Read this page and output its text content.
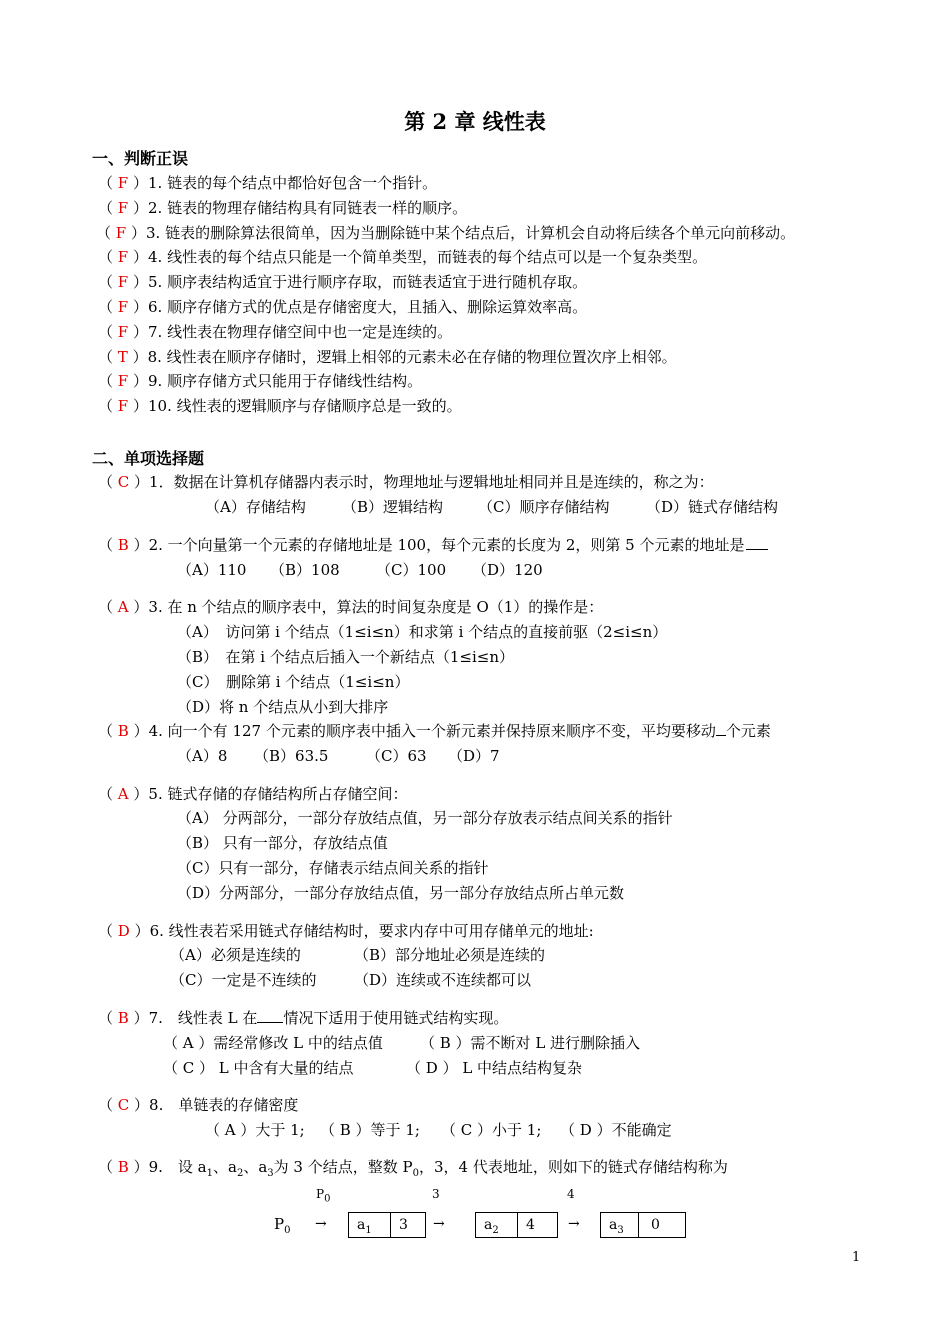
第 2 章 线性表
一、判断正误
（ F ）1. 链表的每个结点中都恰好包含一个指针。
（ F ）2. 链表的物理存储结构具有同链表一样的顺序。
（ F ）3. 链表的删除算法很简单，因为当删除链中某个结点后，计算机会自动将后续各个单元向前移动。
（ F ）4. 线性表的每个结点只能是一个简单类型，而链表的每个结点可以是一个复杂类型。
（ F ）5. 顺序表结构适宜于进行顺序存取，而链表适宜于进行随机存取。
（ F ）6. 顺序存储方式的优点是存储密度大，且插入、删除运算效率高。
（ F ）7. 线性表在物理存储空间中也一定是连续的。
（ T ）8. 线性表在顺序存储时，逻辑上相邻的元素未必在存储的物理位置次序上相邻。
（ F ）9. 顺序存储方式只能用于存储线性结构。
（ F ）10. 线性表的逻辑顺序与存储顺序总是一致的。
二、单项选择题
（ C ）1．数据在计算机存储器内表示时，物理地址与逻辑地址相同并且是连续的，称之为：
（A）存储结构 （B）逻辑结构 （C）顺序存储结构 （D）链式存储结构
（ B ）2. 一个向量第一个元素的存储地址是 100，每个元素的长度为 2，则第 5 个元素的地址是
（A）110 （B）108 （C）100 （D）120
（ A ）3. 在 n 个结点的顺序表中，算法的时间复杂度是 O（1）的操作是：
（A）　访问第 i 个结点（1≤i≤n）和求第 i 个结点的直接前驱（2≤i≤n）
（B）　在第 i 个结点后插入一个新结点（1≤i≤n）
（C）　删除第 i 个结点（1≤i≤n）
（D）将 n 个结点从小到大排序
（ B ）4. 向一个有 127 个元素的顺序表中插入一个新元素并保持原来顺序不变，平均要移动 个元素
（A）8 （B）63.5	（C）63 （D）7
（ A ）5. 链式存储的存储结构所占存储空间：
（A） 分两部分，一部分存放结点值，另一部分存放表示结点间关系的指针
（B） 只有一部分，存放结点值
（C）只有一部分，存储表示结点间关系的指针
（D）分两部分，一部分存放结点值，另一部分存放结点所占单元数
（ D ）6. 线性表若采用链式存储结构时，要求内存中可用存储单元的地址:
（A）必须是连续的	（B）部分地址必须是连续的
（C）一定是不连续的	（D）连续或不连续都可以
（ B ）7.　线性表 L 在 情况下适用于使用链式结构实现。
（ A ）需经常修改 L 中的结点值 （ B ）需不断对 L 进行删除插入
（ C ） L 中含有大量的结点	（ D ） L 中结点结构复杂
（ C ）8.　单链表的存储密度
（ A ）大于 1; （ B ）等于 1; （ C ）小于 1; （ D ）不能确定
（ B ）9.　设 $a_1$、$a_2$、$a_3$为 3 个结点，整数 $P_0$，3，4 代表地址，则如下的链式存储结构称为
$P_0$	3	4
$P_0 \to a_1$ 3 →	$a_2$ $4 \to a_3$ 0
1
